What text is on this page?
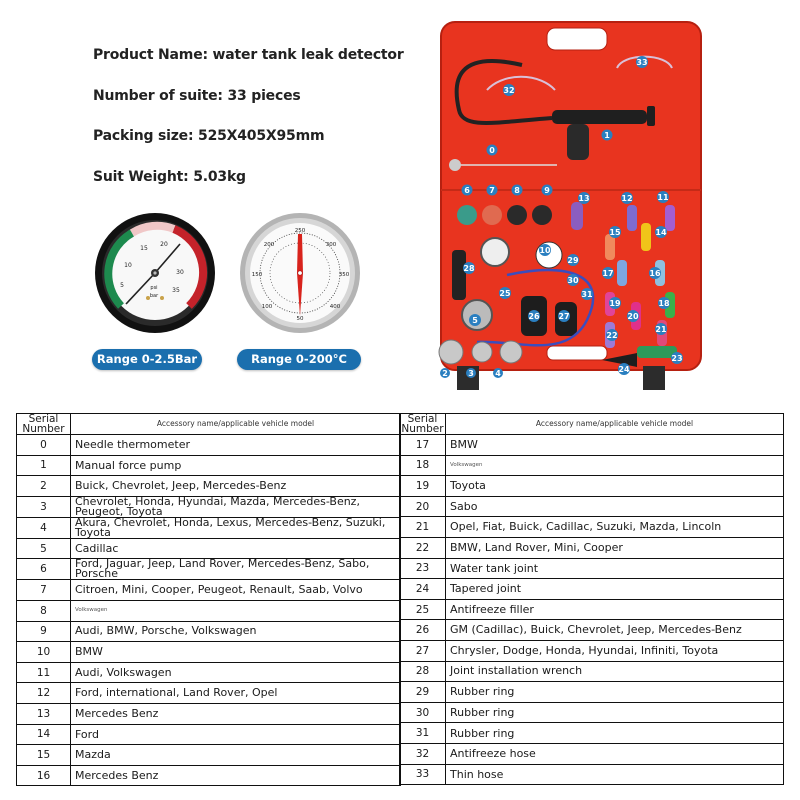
Product Name: water tank leak detector
Number of suite: 33 pieces
Packing size: 525X405X95mm
Suit Weight: 5.03kg
5
10
15
20
30
35
psi
bar
250
200	300
150	350
100	400
50
Range 0-2.5Bar	Range 0-200°C
0
1
32
33
6 7 8	9
13	12	11
10
14
15
16
17
18
19
20
21
22
23
24
25
26 27
28
29
30
31
5
2	3	4
Serial Number	Accessory name/applicable vehicle model
0	Needle thermometer
1	Manual force pump
2	Buick, Chevrolet, Jeep, Mercedes-Benz
3	Chevrolet, Honda, Hyundai, Mazda, Mercedes-Benz, Peugeot, Toyota
4	Akura, Chevrolet, Honda, Lexus, Mercedes-Benz, Suzuki, Toyota
5	Cadillac
6	Ford, Jaguar, Jeep, Land Rover, Mercedes-Benz, Sabo, Porsche
7	Citroen, Mini, Cooper, Peugeot, Renault, Saab, Volvo
8	Volkswagen
9	Audi, BMW, Porsche, Volkswagen
10	BMW
11	Audi, Volkswagen
12	Ford, international, Land Rover, Opel
13	Mercedes Benz
14	Ford
15	Mazda
16	Mercedes Benz
Serial Number	Accessory name/applicable vehicle model
17	BMW
18	Volkswagen
19	Toyota
20	Sabo
21	Opel, Fiat, Buick, Cadillac, Suzuki, Mazda, Lincoln
22	BMW, Land Rover, Mini, Cooper
23	Water tank joint
24	Tapered joint
25	Antifreeze filler
26	GM (Cadillac), Buick, Chevrolet, Jeep, Mercedes-Benz
27	Chrysler, Dodge, Honda, Hyundai, Infiniti, Toyota
28	Joint installation wrench
29	Rubber ring
30	Rubber ring
31	Rubber ring
32	Antifreeze hose
33	Thin hose
